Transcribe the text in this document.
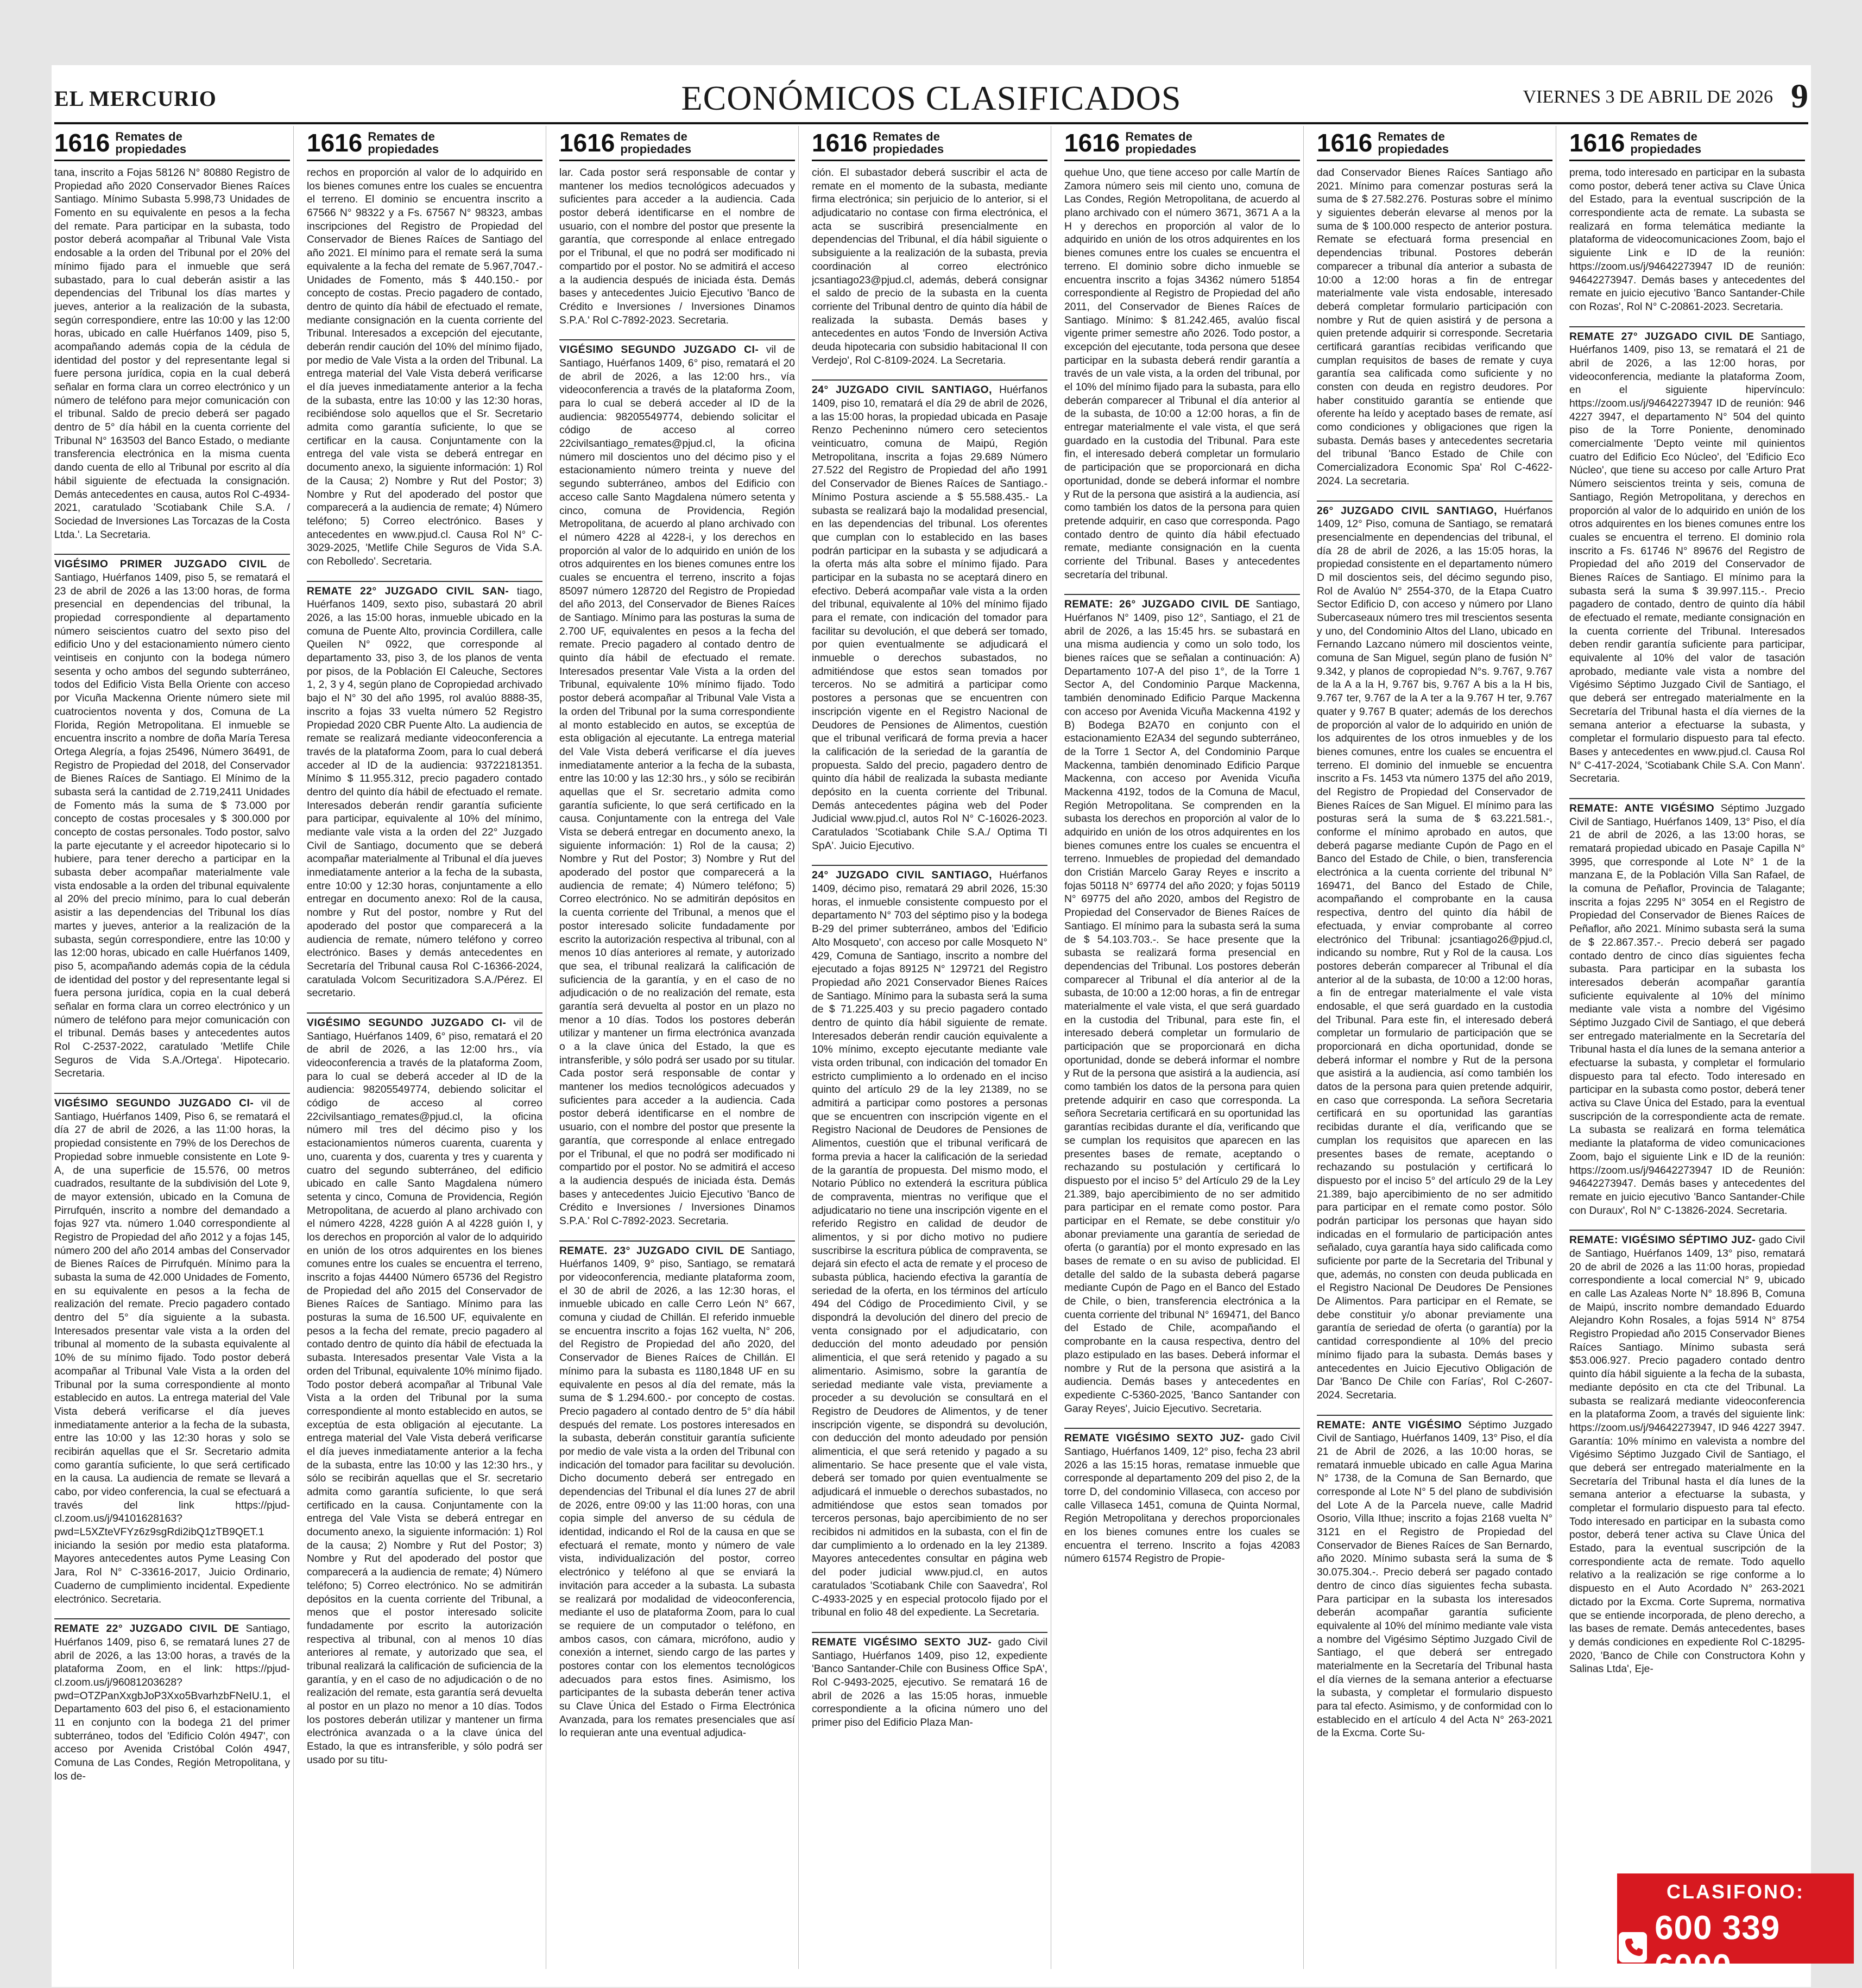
EL MERCURIO	ECONÓMICOS CLASIFICADOS	VIERNES 3 DE ABRIL DE 2026 9
1616 Remates de
propiedades

tana, inscrito a Fojas 58126 N° 80880 Registro de Propiedad año 2020 Conservador Bienes Raíces Santiago. Mínimo Subasta 5.998,73 Unidades de Fomento en su equivalente en pesos a la fecha del remate. Para participar en la subasta, todo postor deberá acompañar al Tribunal Vale Vista endosable a la orden del Tribunal por el 20% del mínimo fijado para el inmueble que será subastado, para lo cual deberán asistir a las dependencias del Tribunal los días martes y jueves, anterior a la realización de la subasta, según correspondiere, entre las 10:00 y las 12:00 horas, ubicado en calle Huérfanos 1409, piso 5, acompañando además copia de la cédula de identidad del postor y del representante legal si fuere persona jurídica, copia en la cual deberá señalar en forma clara un correo electrónico y un número de teléfono para mejor comunicación con el tribunal. Saldo de precio deberá ser pagado dentro de 5° día hábil en la cuenta corriente del Tribunal N° 163503 del Banco Estado, o mediante transferencia electrónica en la misma cuenta dando cuenta de ello al Tribunal por escrito al día hábil siguiente de efectuada la consignación. Demás antecedentes en causa, autos Rol C-4934-2021, caratulado 'Scotiabank Chile S.A. / Sociedad de Inversiones Las Torcazas de la Costa Ltda.'. La Secretaria.

VIGÉSIMO PRIMER JUZGADO CIVIL de Santiago, Huérfanos 1409, piso 5, se rematará el 23 de abril de 2026 a las 13:00 horas, de forma presencial en dependencias del tribunal, la propiedad correspondiente al departamento número seiscientos cuatro del sexto piso del edificio Uno y del estacionamiento número ciento veintiseis en conjunto con la bodega número sesenta y ocho ambos del segundo subterráneo, todos del Edificio Vista Bella Oriente con acceso por Vicuña Mackenna Oriente número siete mil cuatrocientos noventa y dos, Comuna de La Florida, Región Metropolitana. El inmueble se encuentra inscrito a nombre de doña María Teresa Ortega Alegría, a fojas 25496, Número 36491, de Registro de Propiedad del 2018, del Conservador de Bienes Raíces de Santiago. El Mínimo de la subasta será la cantidad de 2.719,2411 Unidades de Fomento más la suma de $ 73.000 por concepto de costas procesales y $ 300.000 por concepto de costas personales. Todo postor, salvo la parte ejecutante y el acreedor hipotecario si lo hubiere, para tener derecho a participar en la subasta deber acompañar materialmente vale vista endosable a la orden del tribunal equivalente al 20% del precio mínimo, para lo cual deberán asistir a las dependencias del Tribunal los días martes y jueves, anterior a la realización de la subasta, según correspondiere, entre las 10:00 y las 12:00 horas, ubicado en calle Huérfanos 1409, piso 5, acompañando además copia de la cédula de identidad del postor y del representante legal si fuera persona jurídica, copia en la cual deberá señalar en forma clara un correo electrónico y un número de teléfono para mejor comunicación con el tribunal. Demás bases y antecedentes autos Rol C-2537-2022, caratulado 'Metlife Chile Seguros de Vida S.A./Ortega'. Hipotecario. Secretaria.

VIGÉSIMO SEGUNDO JUZGADO CI- vil de Santiago, Huérfanos 1409, Piso 6, se rematará el día 27 de abril de 2026, a las 11:00 horas, la propiedad consistente en 79% de los Derechos de Propiedad sobre inmueble consistente en Lote 9-A, de una superficie de 15.576, 00 metros cuadrados, resultante de la subdivisión del Lote 9, de mayor extensión, ubicado en la Comuna de Pirrufquén, inscrito a nombre del demandado a fojas 927 vta. número 1.040 correspondiente al Registro de Propiedad del año 2012 y a fojas 145, número 200 del año 2014 ambas del Conservador de Bienes Raíces de Pirrufquén. Mínimo para la subasta la suma de 42.000 Unidades de Fomento, en su equivalente en pesos a la fecha de realización del remate. Precio pagadero contado dentro del 5° día siguiente a la subasta. Interesados presentar vale vista a la orden del tribunal al momento de la subasta equivalente al 10% de su mínimo fijado. Todo postor deberá acompañar al Tribunal Vale Vista a la orden del Tribunal por la suma correspondiente al monto establecido en autos. La entrega material del Vale Vista deberá verificarse el día jueves inmediatamente anterior a la fecha de la subasta, entre las 10:00 y las 12:30 horas y solo se recibirán aquellas que el Sr. Secretario admita como garantía suficiente, lo que será certificado en la causa. La audiencia de remate se llevará a cabo, por video conferencia, la cual se efectuará a través del link https://pjud-cl.zoom.us/j/94101628163?pwd=L5XZteVFYz6z9sgRdi2ibQ1zTB9QET.1 iniciando la sesión por medio esta plataforma. Mayores antecedentes autos Pyme Leasing Con Jara, Rol N° C-33616-2017, Juicio Ordinario, Cuaderno de cumplimiento incidental. Expediente electrónico. Secretaria.

REMATE 22° JUZGADO CIVIL DE Santiago, Huérfanos 1409, piso 6, se rematará lunes 27 de abril de 2026, a las 13:00 horas, a través de la plataforma Zoom, en el link: https://pjud-cl.zoom.us/j/96081203628?pwd=OTZPanXxgbJoP3Xxo5BvarhzbFNeIU.1, el Departamento 603 del piso 6, el estacionamiento 11 en conjunto con la bodega 21 del primer subterráneo, todos del 'Edificio Colón 4947', con acceso por Avenida Cristóbal Colón 4947, Comuna de Las Condes, Región Metropolitana, y los de-

1616 Remates de
propiedades

rechos en proporción al valor de lo adquirido en los bienes comunes entre los cuales se encuentra el terreno. El dominio se encuentra inscrito a 67566 N° 98322 y a Fs. 67567 N° 98323, ambas inscripciones del Registro de Propiedad del Conservador de Bienes Raíces de Santiago del año 2021. El mínimo para el remate será la suma equivalente a la fecha del remate de 5.967,7047.- Unidades de Fomento, más $ 440.150.- por concepto de costas. Precio pagadero de contado, dentro de quinto día hábil de efectuado el remate, mediante consignación en la cuenta corriente del Tribunal. Interesados a excepción del ejecutante, deberán rendir caución del 10% del mínimo fijado, por medio de Vale Vista a la orden del Tribunal. La entrega material del Vale Vista deberá verificarse el día jueves inmediatamente anterior a la fecha de la subasta, entre las 10:00 y las 12:30 horas, recibiéndose solo aquellos que el Sr. Secretario admita como garantía suficiente, lo que se certificar en la causa. Conjuntamente con la entrega del vale vista se deberá entregar en documento anexo, la siguiente información: 1) Rol de la Causa; 2) Nombre y Rut del Postor; 3) Nombre y Rut del apoderado del postor que comparecerá a la audiencia de remate; 4) Número teléfono; 5) Correo electrónico. Bases y antecedentes en www.pjud.cl. Causa Rol N° C-3029-2025, 'Metlife Chile Seguros de Vida S.A. con Rebolledo'. Secretaria.

REMATE 22° JUZGADO CIVIL SAN- tiago, Huérfanos 1409, sexto piso, subastará 20 abril 2026, a las 15:00 horas, inmueble ubicado en la comuna de Puente Alto, provincia Cordillera, calle Queilen N° 0922, que corresponde al departamento 33, piso 3, de los planos de venta por pisos, de la Población El Caleuche, Sectores 1, 2, 3 y 4, según plano de Copropiedad archivado bajo el N° 30 del año 1995, rol avalúo 8888-35, inscrito a fojas 33 vuelta número 52 Registro Propiedad 2020 CBR Puente Alto. La audiencia de remate se realizará mediante videoconferencia a través de la plataforma Zoom, para lo cual deberá acceder al ID de la audiencia: 93722181351. Mínimo $ 11.955.312, precio pagadero contado dentro del quinto día hábil de efectuado el remate. Interesados deberán rendir garantía suficiente para participar, equivalente al 10% del mínimo, mediante vale vista a la orden del 22° Juzgado Civil de Santiago, documento que se deberá acompañar materialmente al Tribunal el día jueves inmediatamente anterior a la fecha de la subasta, entre 10:00 y 12:30 horas, conjuntamente a ello entregar en documento anexo: Rol de la causa, nombre y Rut del postor, nombre y Rut del apoderado del postor que comparecerá a la audiencia de remate, número teléfono y correo electrónico. Bases y demás antecedentes en Secretaría del Tribunal causa Rol C-16366-2024, caratulada Volcom Securitizadora S.A./Pérez. El secretario.

VIGÉSIMO SEGUNDO JUZGADO CI- vil de Santiago, Huérfanos 1409, 6° piso, rematará el 20 de abril de 2026, a las 12:00 hrs., vía videoconferencia a través de la plataforma Zoom, para lo cual se deberá acceder al ID de la audiencia: 98205549774, debiendo solicitar el código de acceso al correo 22civilsantiago_remates@pjud.cl, la oficina número mil tres del décimo piso y los estacionamientos números cuarenta, cuarenta y uno, cuarenta y dos, cuarenta y tres y cuarenta y cuatro del segundo subterráneo, del edificio ubicado en calle Santo Magdalena número setenta y cinco, Comuna de Providencia, Región Metropolitana, de acuerdo al plano archivado con el número 4228, 4228 guión A al 4228 guión I, y los derechos en proporción al valor de lo adquirido en unión de los otros adquirentes en los bienes comunes entre los cuales se encuentra el terreno, inscrito a fojas 44400 Número 65736 del Registro de Propiedad del año 2015 del Conservador de Bienes Raíces de Santiago. Mínimo para las posturas la suma de 16.500 UF, equivalente en pesos a la fecha del remate, precio pagadero al contado dentro de quinto día hábil de efectuada la subasta. Interesados presentar Vale Vista a la orden del Tribunal, equivalente 10% mínimo fijado. Todo postor deberá acompañar al Tribunal Vale Vista a la orden del Tribunal por la suma correspondiente al monto establecido en autos, se exceptúa de esta obligación al ejecutante. La entrega material del Vale Vista deberá verificarse el día jueves inmediatamente anterior a la fecha de la subasta, entre las 10:00 y las 12:30 hrs., y sólo se recibirán aquellas que el Sr. secretario admita como garantía suficiente, lo que será certificado en la causa. Conjuntamente con la entrega del Vale Vista se deberá entregar en documento anexo, la siguiente información: 1) Rol de la causa; 2) Nombre y Rut del Postor; 3) Nombre y Rut del apoderado del postor que comparecerá a la audiencia de remate; 4) Número teléfono; 5) Correo electrónico. No se admitirán depósitos en la cuenta corriente del Tribunal, a menos que el postor interesado solicite fundadamente por escrito la autorización respectiva al tribunal, con al menos 10 días anteriores al remate, y autorizado que sea, el tribunal realizará la calificación de suficiencia de la garantía, y en el caso de no adjudicación o de no realización del remate, esta garantía será devuelta al postor en un plazo no menor a 10 días. Todos los postores deberán utilizar y mantener un firma electrónica avanzada o a la clave única del Estado, la que es intransferible, y sólo podrá ser usado por su titu-

1616 Remates de
propiedades

lar. Cada postor será responsable de contar y mantener los medios tecnológicos adecuados y suficientes para acceder a la audiencia. Cada postor deberá identificarse en el nombre de usuario, con el nombre del postor que presente la garantía, que corresponde al enlace entregado por el Tribunal, el que no podrá ser modificado ni compartido por el postor. No se admitirá el acceso a la audiencia después de iniciada ésta. Demás bases y antecedentes Juicio Ejecutivo 'Banco de Crédito e Inversiones / Inversiones Dinamos S.P.A.' Rol C-7892-2023. Secretaria.

VIGÉSIMO SEGUNDO JUZGADO CI- vil de Santiago, Huérfanos 1409, 6° piso, rematará el 20 de abril de 2026, a las 12:00 hrs., vía videoconferencia a través de la plataforma Zoom, para lo cual se deberá acceder al ID de la audiencia: 98205549774, debiendo solicitar el código de acceso al correo 22civilsantiago_remates@pjud.cl, la oficina número mil doscientos uno del décimo piso y el estacionamiento número treinta y nueve del segundo subterráneo, ambos del Edificio con acceso calle Santo Magdalena número setenta y cinco, comuna de Providencia, Región Metropolitana, de acuerdo al plano archivado con el número 4228 al 4228-i, y los derechos en proporción al valor de lo adquirido en unión de los otros adquirentes en los bienes comunes entre los cuales se encuentra el terreno, inscrito a fojas 85097 número 128720 del Registro de Propiedad del año 2013, del Conservador de Bienes Raíces de Santiago. Mínimo para las posturas la suma de 2.700 UF, equivalentes en pesos a la fecha del remate. Precio pagadero al contado dentro de quinto día hábil de efectuado el remate. Interesados presentar Vale Vista a la orden del Tribunal, equivalente 10% mínimo fijado. Todo postor deberá acompañar al Tribunal Vale Vista a la orden del Tribunal por la suma correspondiente al monto establecido en autos, se exceptúa de esta obligación al ejecutante. La entrega material del Vale Vista deberá verificarse el día jueves inmediatamente anterior a la fecha de la subasta, entre las 10:00 y las 12:30 hrs., y sólo se recibirán aquellas que el Sr. secretario admita como garantía suficiente, lo que será certificado en la causa. Conjuntamente con la entrega del Vale Vista se deberá entregar en documento anexo, la siguiente información: 1) Rol de la causa; 2) Nombre y Rut del Postor; 3) Nombre y Rut del apoderado del postor que comparecerá a la audiencia de remate; 4) Número teléfono; 5) Correo electrónico. No se admitirán depósitos en la cuenta corriente del Tribunal, a menos que el postor interesado solicite fundadamente por escrito la autorización respectiva al tribunal, con al menos 10 días anteriores al remate, y autorizado que sea, el tribunal realizará la calificación de suficiencia de la garantía, y en el caso de no adjudicación o de no realización del remate, esta garantía será devuelta al postor en un plazo no menor a 10 días. Todos los postores deberán utilizar y mantener un firma electrónica avanzada o a la clave única del Estado, la que es intransferible, y sólo podrá ser usado por su titular. Cada postor será responsable de contar y mantener los medios tecnológicos adecuados y suficientes para acceder a la audiencia. Cada postor deberá identificarse en el nombre de usuario, con el nombre del postor que presente la garantía, que corresponde al enlace entregado por el Tribunal, el que no podrá ser modificado ni compartido por el postor. No se admitirá el acceso a la audiencia después de iniciada ésta. Demás bases y antecedentes Juicio Ejecutivo 'Banco de Crédito e Inversiones / Inversiones Dinamos S.P.A.' Rol C-7892-2023. Secretaria.

REMATE. 23° JUZGADO CIVIL DE Santiago, Huérfanos 1409, 9° piso, Santiago, se rematará por videoconferencia, mediante plataforma zoom, el 30 de abril de 2026, a las 12:30 horas, el inmueble ubicado en calle Cerro León N° 667, comuna y ciudad de Chillán. El referido inmueble se encuentra inscrito a fojas 162 vuelta, N° 206, del Registro de Propiedad del año 2020, del Conservador de Bienes Raíces de Chillán. El mínimo para la subasta es 1180,1848 UF en su equivalente en pesos al día del remate, más la suma de $ 1.294.600.- por concepto de costas. Precio pagadero al contado dentro de 5° día hábil después del remate. Los postores interesados en la subasta, deberán constituir garantía suficiente por medio de vale vista a la orden del Tribunal con indicación del tomador para facilitar su devolución. Dicho documento deberá ser entregado en dependencias del Tribunal el día lunes 27 de abril de 2026, entre 09:00 y las 11:00 horas, con una copia simple del anverso de su cédula de identidad, indicando el Rol de la causa en que se efectuará el remate, monto y número de vale vista, individualización del postor, correo electrónico y teléfono al que se enviará la invitación para acceder a la subasta. La subasta se realizará por modalidad de videoconferencia, mediante el uso de plataforma Zoom, para lo cual se requiere de un computador o teléfono, en ambos casos, con cámara, micrófono, audio y conexión a internet, siendo cargo de las partes y postores contar con los elementos tecnológicos adecuados para estos fines. Asimismo, los participantes de la subasta deberán tener activa su Clave Única del Estado o Firma Electrónica Avanzada, para los remates presenciales que así lo requieran ante una eventual adjudica-

1616 Remates de
propiedades

ción. El subastador deberá suscribir el acta de remate en el momento de la subasta, mediante firma electrónica; sin perjuicio de lo anterior, si el adjudicatario no contase con firma electrónica, el acta se suscribirá presencialmente en dependencias del Tribunal, el día hábil siguiente o subsiguiente a la realización de la subasta, previa coordinación al correo electrónico jcsantiago23@pjud.cl, además, deberá consignar el saldo de precio de la subasta en la cuenta corriente del Tribunal dentro de quinto día hábil de realizada la subasta. Demás bases y antecedentes en autos 'Fondo de Inversión Activa deuda hipotecaria con subsidio habitacional II con Verdejo', Rol C-8109-2024. La Secretaria.

24° JUZGADO CIVIL SANTIAGO, Huérfanos 1409, piso 10, rematará el día 29 de abril de 2026, a las 15:00 horas, la propiedad ubicada en Pasaje Renzo Pecheninno número cero setecientos veinticuatro, comuna de Maipú, Región Metropolitana, inscrita a fojas 29.689 Número 27.522 del Registro de Propiedad del año 1991 del Conservador de Bienes Raíces de Santiago.- Mínimo Postura asciende a $ 55.588.435.- La subasta se realizará bajo la modalidad presencial, en las dependencias del tribunal. Los oferentes que cumplan con lo establecido en las bases podrán participar en la subasta y se adjudicará a la oferta más alta sobre el mínimo fijado. Para participar en la subasta no se aceptará dinero en efectivo. Deberá acompañar vale vista a la orden del tribunal, equivalente al 10% del mínimo fijado para el remate, con indicación del tomador para facilitar su devolución, el que deberá ser tomado, por quien eventualmente se adjudicará el inmueble o derechos subastados, no admitiéndose que estos sean tomados por terceros. No se admitirá a participar como postores a personas que se encuentren con inscripción vigente en el Registro Nacional de Deudores de Pensiones de Alimentos, cuestión que el tribunal verificará de forma previa a hacer la calificación de la seriedad de la garantía de propuesta. Saldo del precio, pagadero dentro de quinto día hábil de realizada la subasta mediante depósito en la cuenta corriente del Tribunal. Demás antecedentes página web del Poder Judicial www.pjud.cl, autos Rol N° C-16026-2023. Caratulados 'Scotiabank Chile S.A./ Optima TI SpA'. Juicio Ejecutivo.

24° JUZGADO CIVIL SANTIAGO, Huérfanos 1409, décimo piso, rematará 29 abril 2026, 15:30 horas, el inmueble consistente compuesto por el departamento N° 703 del séptimo piso y la bodega B-29 del primer subterráneo, ambos del 'Edificio Alto Mosqueto', con acceso por calle Mosqueto N° 429, Comuna de Santiago, inscrito a nombre del ejecutado a fojas 89125 N° 129721 del Registro Propiedad año 2021 Conservador Bienes Raíces de Santiago. Mínimo para la subasta será la suma de $ 71.225.403 y su precio pagadero contado dentro de quinto día hábil siguiente de remate. Interesados deberán rendir caución equivalente a 10% mínimo, excepto ejecutante mediante vale vista orden tribunal, con indicación del tomador En estricto cumplimiento a lo ordenado en el inciso quinto del artículo 29 de la ley 21389, no se admitirá a participar como postores a personas que se encuentren con inscripción vigente en el Registro Nacional de Deudores de Pensiones de Alimentos, cuestión que el tribunal verificará de forma previa a hacer la calificación de la seriedad de la garantía de propuesta. Del mismo modo, el Notario Público no extenderá la escritura pública de compraventa, mientras no verifique que el adjudicatario no tiene una inscripción vigente en el referido Registro en calidad de deudor de alimentos, y si por dicho motivo no pudiere suscribirse la escritura pública de compraventa, se dejará sin efecto el acta de remate y el proceso de subasta pública, haciendo efectiva la garantía de seriedad de la oferta, en los términos del artículo 494 del Código de Procedimiento Civil, y se dispondrá la devolución del dinero del precio de venta consignado por el adjudicatario, con deducción del monto adeudado por pensión alimenticia, el que será retenido y pagado a su alimentario. Asimismo, sobre la garantía de seriedad mediante vale vista, previamente a proceder a su devolución se consultará en el Registro de Deudores de Alimentos, y de tener inscripción vigente, se dispondrá su devolución, con deducción del monto adeudado por pensión alimenticia, el que será retenido y pagado a su alimentario. Se hace presente que el vale vista, deberá ser tomado por quien eventualmente se adjudicará el inmueble o derechos subastados, no admitiéndose que estos sean tomados por terceros personas, bajo apercibimiento de no ser recibidos ni admitidos en la subasta, con el fin de dar cumplimiento a lo ordenado en la ley 21389. Mayores antecedentes consultar en página web del poder judicial www.pjud.cl, en autos caratulados 'Scotiabank Chile con Saavedra', Rol C-4933-2025 y en especial protocolo fijado por el tribunal en folio 48 del expediente. La Secretaria.

REMATE VIGÉSIMO SEXTO JUZ- gado Civil Santiago, Huérfanos 1409, piso 12, expediente 'Banco Santander-Chile con Business Office SpA', Rol C-9493-2025, ejecutivo. Se rematará 16 de abril de 2026 a las 15:05 horas, inmueble correspondiente a la oficina número uno del primer piso del Edificio Plaza Man-

1616 Remates de
propiedades

quehue Uno, que tiene acceso por calle Martín de Zamora número seis mil ciento uno, comuna de Las Condes, Región Metropolitana, de acuerdo al plano archivado con el número 3671, 3671 A a la H y derechos en proporción al valor de lo adquirido en unión de los otros adquirentes en los bienes comunes entre los cuales se encuentra el terreno. El dominio sobre dicho inmueble se encuentra inscrito a fojas 34362 número 51854 correspondiente al Registro de Propiedad del año 2011, del Conservador de Bienes Raíces de Santiago. Mínimo: $ 81.242.465, avalúo fiscal vigente primer semestre año 2026. Todo postor, a excepción del ejecutante, toda persona que desee participar en la subasta deberá rendir garantía a través de un vale vista, a la orden del tribunal, por el 10% del mínimo fijado para la subasta, para ello deberán comparecer al Tribunal el día anterior al de la subasta, de 10:00 a 12:00 horas, a fin de entregar materialmente el vale vista, el que será guardado en la custodia del Tribunal. Para este fin, el interesado deberá completar un formulario de participación que se proporcionará en dicha oportunidad, donde se deberá informar el nombre y Rut de la persona que asistirá a la audiencia, así como también los datos de la persona para quien pretende adquirir, en caso que corresponda. Pago contado dentro de quinto día hábil efectuado remate, mediante consignación en la cuenta corriente del Tribunal. Bases y antecedentes secretaría del tribunal.

REMATE: 26° JUZGADO CIVIL DE Santiago, Huérfanos N° 1409, piso 12°, Santiago, el 21 de abril de 2026, a las 15:45 hrs. se subastará en una misma audiencia y como un solo todo, los bienes raíces que se señalan a continuación: A) Departamento 107-A del piso 1°, de la Torre 1 Sector A, del Condominio Parque Mackenna, también denominado Edificio Parque Mackenna con acceso por Avenida Vicuña Mackenna 4192 y B) Bodega B2A70 en conjunto con el estacionamiento E2A34 del segundo subterráneo, de la Torre 1 Sector A, del Condominio Parque Mackenna, también denominado Edificio Parque Mackenna, con acceso por Avenida Vicuña Mackenna 4192, todos de la Comuna de Macul, Región Metropolitana. Se comprenden en la subasta los derechos en proporción al valor de lo adquirido en unión de los otros adquirentes en los bienes comunes entre los cuales se encuentra el terreno. Inmuebles de propiedad del demandado don Cristián Marcelo Garay Reyes e inscrito a fojas 50118 N° 69774 del año 2020; y fojas 50119 N° 69775 del año 2020, ambos del Registro de Propiedad del Conservador de Bienes Raíces de Santiago. El mínimo para la subasta será la suma de $ 54.103.703.-. Se hace presente que la subasta se realizará forma presencial en dependencias del Tribunal. Los postores deberán comparecer al Tribunal el día anterior al de la subasta, de 10:00 a 12:00 horas, a fin de entregar materialmente el vale vista, el que será guardado en la custodia del Tribunal, para este fin, el interesado deberá completar un formulario de participación que se proporcionará en dicha oportunidad, donde se deberá informar el nombre y Rut de la persona que asistirá a la audiencia, así como también los datos de la persona para quien pretende adquirir en caso que corresponda. La señora Secretaria certificará en su oportunidad las garantías recibidas durante el día, verificando que se cumplan los requisitos que aparecen en las presentes bases de remate, aceptando o rechazando su postulación y certificará lo dispuesto por el inciso 5° del Artículo 29 de la Ley 21.389, bajo apercibimiento de no ser admitido para participar en el remate como postor. Para participar en el Remate, se debe constituir y/o abonar previamente una garantía de seriedad de oferta (o garantía) por el monto expresado en las bases de remate o en su aviso de publicidad. El detalle del saldo de la subasta deberá pagarse mediante Cupón de Pago en el Banco del Estado de Chile, o bien, transferencia electrónica a la cuenta corriente del tribunal N° 169471, del Banco del Estado de Chile, acompañando el comprobante en la causa respectiva, dentro del plazo estipulado en las bases. Deberá informar el nombre y Rut de la persona que asistirá a la audiencia. Demás bases y antecedentes en expediente C-5360-2025, 'Banco Santander con Garay Reyes', Juicio Ejecutivo. Secretaria.

REMATE VIGÉSIMO SEXTO JUZ- gado Civil Santiago, Huérfanos 1409, 12° piso, fecha 23 abril 2026 a las 15:15 horas, rematase inmueble que corresponde al departamento 209 del piso 2, de la torre D, del condominio Villaseca, con acceso por calle Villaseca 1451, comuna de Quinta Normal, Región Metropolitana y derechos proporcionales en los bienes comunes entre los cuales se encuentra el terreno. Inscrito a fojas 42083 número 61574 Registro de Propie-

1616 Remates de
propiedades

dad Conservador Bienes Raíces Santiago año 2021. Mínimo para comenzar posturas será la suma de $ 27.582.276. Posturas sobre el mínimo y siguientes deberán elevarse al menos por la suma de $ 100.000 respecto de anterior postura. Remate se efectuará forma presencial en dependencias tribunal. Postores deberán comparecer a tribunal día anterior a subasta de 10:00 a 12:00 horas a fin de entregar materialmente vale vista endosable, interesado deberá completar formulario participación con nombre y Rut de quien asistirá y de persona a quien pretende adquirir si corresponde. Secretaria certificará garantías recibidas verificando que cumplan requisitos de bases de remate y cuya garantía sea calificada como suficiente y no consten con deuda en registro deudores. Por haber constituido garantía se entiende que oferente ha leído y aceptado bases de remate, así como condiciones y obligaciones que rigen la subasta. Demás bases y antecedentes secretaria del tribunal 'Banco Estado de Chile con Comercializadora Economic Spa' Rol C-4622-2024. La secretaria.

26° JUZGADO CIVIL SANTIAGO, Huérfanos 1409, 12° Piso, comuna de Santiago, se rematará presencialmente en dependencias del tribunal, el día 28 de abril de 2026, a las 15:05 horas, la propiedad consistente en el departamento número D mil doscientos seis, del décimo segundo piso, Rol de Avalúo N° 2554-370, de la Etapa Cuatro Sector Edificio D, con acceso y número por Llano Subercaseaux número tres mil trescientos sesenta y uno, del Condominio Altos del Llano, ubicado en Fernando Lazcano número mil doscientos veinte, comuna de San Miguel, según plano de fusión N° 9.342, y planos de copropiedad N°s. 9.767, 9.767 de la A a la H, 9.767 bis, 9.767 A bis a la H bis, 9.767 ter, 9.767 de la A ter a la 9.767 H ter, 9.767 quater y 9.767 B quater; además de los derechos de proporción al valor de lo adquirido en unión de los adquirentes de los otros inmuebles y de los bienes comunes, entre los cuales se encuentra el terreno. El dominio del inmueble se encuentra inscrito a Fs. 1453 vta número 1375 del año 2019, del Registro de Propiedad del Conservador de Bienes Raíces de San Miguel. El mínimo para las posturas será la suma de $ 63.221.581.-, conforme el mínimo aprobado en autos, que deberá pagarse mediante Cupón de Pago en el Banco del Estado de Chile, o bien, transferencia electrónica a la cuenta corriente del tribunal N° 169471, del Banco del Estado de Chile, acompañando el comprobante en la causa respectiva, dentro del quinto día hábil de efectuada, y enviar comprobante al correo electrónico del Tribunal: jcsantiago26@pjud.cl, indicando su nombre, Rut y Rol de la causa. Los postores deberán comparecer al Tribunal el día anterior al de la subasta, de 10:00 a 12:00 horas, a fin de entregar materialmente el vale vista endosable, el que será guardado en la custodia del Tribunal. Para este fin, el interesado deberá completar un formulario de participación que se proporcionará en dicha oportunidad, donde se deberá informar el nombre y Rut de la persona que asistirá a la audiencia, así como también los datos de la persona para quien pretende adquirir, en caso que corresponda. La señora Secretaria certificará en su oportunidad las garantías recibidas durante el día, verificando que se cumplan los requisitos que aparecen en las presentes bases de remate, aceptando o rechazando su postulación y certificará lo dispuesto por el inciso 5° del artículo 29 de la Ley 21.389, bajo apercibimiento de no ser admitido para participar en el remate como postor. Sólo podrán participar los personas que hayan sido indicadas en el formulario de participación antes señalado, cuya garantía haya sido calificada como suficiente por parte de la Secretaria del Tribunal y que, además, no consten con deuda publicada en el Registro Nacional De Deudores De Pensiones De Alimentos. Para participar en el Remate, se debe constituir y/o abonar previamente una garantía de seriedad de oferta (o garantía) por la cantidad correspondiente al 10% del precio mínimo fijado para la subasta. Demás bases y antecedentes en Juicio Ejecutivo Obligación de Dar 'Banco De Chile con Farías', Rol C-2607-2024. Secretaria.

REMATE: ANTE VIGÉSIMO Séptimo Juzgado Civil de Santiago, Huérfanos 1409, 13° Piso, el día 21 de Abril de 2026, a las 10:00 horas, se rematará inmueble ubicado en calle Agua Marina N° 1738, de la Comuna de San Bernardo, que corresponde al Lote N° 5 del plano de subdivisión del Lote A de la Parcela nueve, calle Madrid Osorio, Villa Ithue; inscrito a fojas 2168 vuelta N° 3121 en el Registro de Propiedad del Conservador de Bienes Raíces de San Bernardo, año 2020. Mínimo subasta será la suma de $ 30.075.304.-. Precio deberá ser pagado contado dentro de cinco días siguientes fecha subasta. Para participar en la subasta los interesados deberán acompañar garantía suficiente equivalente al 10% del mínimo mediante vale vista a nombre del Vigésimo Séptimo Juzgado Civil de Santiago, el que deberá ser entregado materialmente en la Secretaría del Tribunal hasta el día viernes de la semana anterior a efectuarse la subasta, y completar el formulario dispuesto para tal efecto. Asimismo, y de conformidad con lo establecido en el artículo 4 del Acta N° 263-2021 de la Excma. Corte Su-

1616 Remates de
propiedades

prema, todo interesado en participar en la subasta como postor, deberá tener activa su Clave Única del Estado, para la eventual suscripción de la correspondiente acta de remate. La subasta se realizará en forma telemática mediante la plataforma de videocomunicaciones Zoom, bajo el siguiente Link e ID de la reunión: https://zoom.us/j/94642273947 ID de reunión: 94642273947. Demás bases y antecedentes del remate en juicio ejecutivo 'Banco Santander-Chile con Rozas', Rol N° C-20861-2023. Secretaria.

REMATE 27° JUZGADO CIVIL DE Santiago, Huérfanos 1409, piso 13, se rematará el 21 de abril de 2026, a las 12:00 horas, por videoconferencia, mediante la plataforma Zoom, en el siguiente hipervínculo: https://zoom.us/j/94642273947 ID de reunión: 946 4227 3947, el departamento N° 504 del quinto piso de la Torre Poniente, denominado comercialmente 'Depto veinte mil quinientos cuatro del Edificio Eco Núcleo', del 'Edificio Eco Núcleo', que tiene su acceso por calle Arturo Prat Número seiscientos treinta y seis, comuna de Santiago, Región Metropolitana, y derechos en proporción al valor de lo adquirido en unión de los otros adquirentes en los bienes comunes entre los cuales se encuentra el terreno. El dominio rola inscrito a Fs. 61746 N° 89676 del Registro de Propiedad del año 2019 del Conservador de Bienes Raíces de Santiago. El mínimo para la subasta será la suma $ 39.997.115.-. Precio pagadero de contado, dentro de quinto día hábil de efectuado el remate, mediante consignación en la cuenta corriente del Tribunal. Interesados deben rendir garantía suficiente para participar, equivalente al 10% del valor de tasación aprobado, mediante vale vista a nombre del Vigésimo Séptimo Juzgado Civil de Santiago, el que deberá ser entregado materialmente en la Secretaría del Tribunal hasta el día viernes de la semana anterior a efectuarse la subasta, y completar el formulario dispuesto para tal efecto. Bases y antecedentes en www.pjud.cl. Causa Rol N° C-417-2024, 'Scotiabank Chile S.A. Con Mann'. Secretaria.

REMATE: ANTE VIGÉSIMO Séptimo Juzgado Civil de Santiago, Huérfanos 1409, 13° Piso, el día 21 de abril de 2026, a las 13:00 horas, se rematará propiedad ubicado en Pasaje Capilla N° 3995, que corresponde al Lote N° 1 de la manzana E, de la Población Villa San Rafael, de la comuna de Peñaflor, Provincia de Talagante; inscrita a fojas 2295 N° 3054 en el Registro de Propiedad del Conservador de Bienes Raíces de Peñaflor, año 2021. Mínimo subasta será la suma de $ 22.867.357.-. Precio deberá ser pagado contado dentro de cinco días siguientes fecha subasta. Para participar en la subasta los interesados deberán acompañar garantía suficiente equivalente al 10% del mínimo mediante vale vista a nombre del Vigésimo Séptimo Juzgado Civil de Santiago, el que deberá ser entregado materialmente en la Secretaría del Tribunal hasta el día lunes de la semana anterior a efectuarse la subasta, y completar el formulario dispuesto para tal efecto. Todo interesado en participar en la subasta como postor, deberá tener activa su Clave Única del Estado, para la eventual suscripción de la correspondiente acta de remate. La subasta se realizará en forma telemática mediante la plataforma de video comunicaciones Zoom, bajo el siguiente Link e ID de la reunión: https://zoom.us/j/94642273947 ID de Reunión: 94642273947. Demás bases y antecedentes del remate en juicio ejecutivo 'Banco Santander-Chile con Duraux', Rol N° C-13826-2024. Secretaria.

REMATE: VIGÉSIMO SÉPTIMO JUZ- gado Civil de Santiago, Huérfanos 1409, 13° piso, rematará 20 de abril de 2026 a las 11:00 horas, propiedad correspondiente a local comercial N° 9, ubicado en calle Las Azaleas Norte N° 18.896 B, Comuna de Maipú, inscrito nombre demandado Eduardo Alejandro Kohn Rosales, a fojas 5914 N° 8754 Registro Propiedad año 2015 Conservador Bienes Raíces Santiago. Mínimo subasta será $53.006.927. Precio pagadero contado dentro quinto día hábil siguiente a la fecha de la subasta, mediante depósito en cta cte del Tribunal. La subasta se realizará mediante videoconferencia en la plataforma Zoom, a través del siguiente link: https://zoom.us/j/94642273947, ID 946 4227 3947. Garantía: 10% mínimo en valevista a nombre del Vigésimo Séptimo Juzgado Civil de Santiago, el que deberá ser entregado materialmente en la Secretaría del Tribunal hasta el día lunes de la semana anterior a efectuarse la subasta, y completar el formulario dispuesto para tal efecto. Todo interesado en participar en la subasta como postor, deberá tener activa su Clave Única del Estado, para la eventual suscripción de la correspondiente acta de remate. Todo aquello relativo a la realización se rige conforme a lo dispuesto en el Auto Acordado N° 263-2021 dictado por la Excma. Corte Suprema, normativa que se entiende incorporada, de pleno derecho, a las bases de remate. Demás antecedentes, bases y demás condiciones en expediente Rol C-18295-2020, 'Banco de Chile con Constructora Kohn y Salinas Ltda', Eje-

CLASIFONO:
600 339 6000
